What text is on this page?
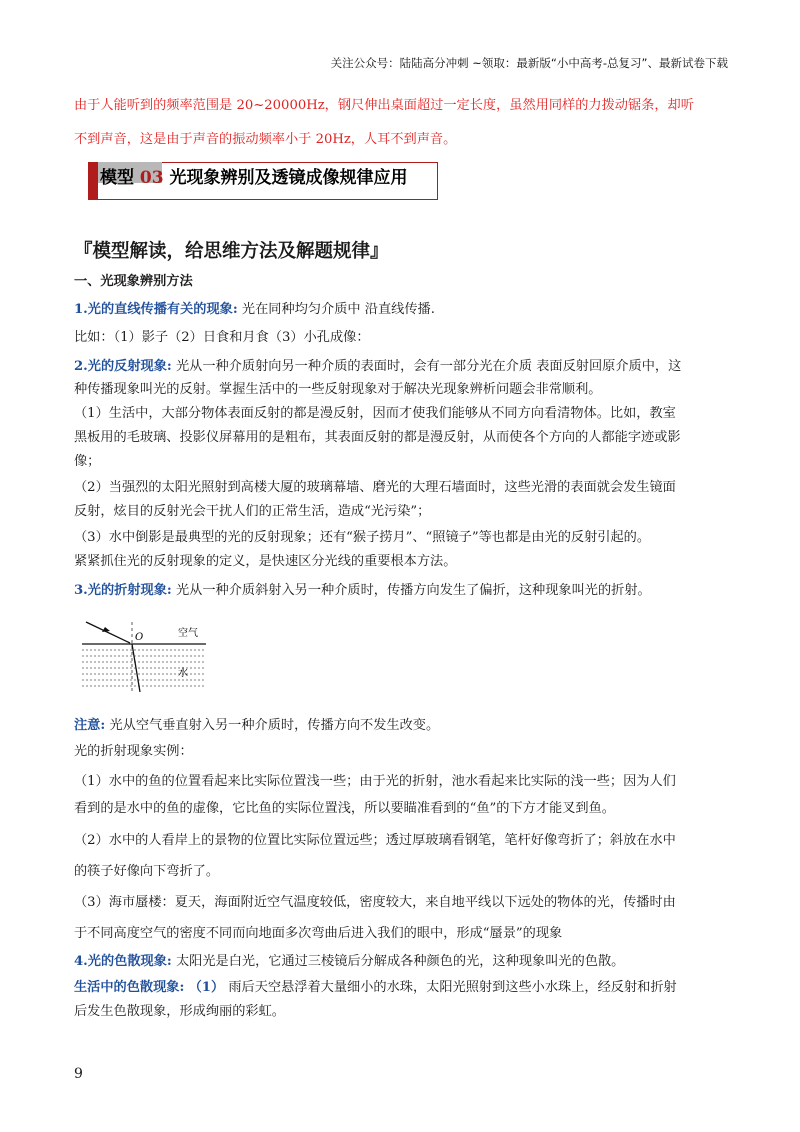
关注公众号：陆陆高分冲刺 ~领取：最新版“小中高考-总复习”、最新试卷下载
由于人能听到的频率范围是 20~20000Hz，钢尺伸出桌面超过一定长度，虽然用同样的力拨动锯条，却听
不到声音，这是由于声音的振动频率小于 20Hz，人耳不到声音。
模型 03 光现象辨别及透镜成像规律应用
『模型解读，给思维方法及解题规律』
一、光现象辨别方法
1.光的直线传播有关的现象: 光在同种均匀介质中 沿直线传播.
比如：（1）影子（2）日食和月食（3）小孔成像：
2.光的反射现象: 光从一种介质射向另一种介质的表面时，会有一部分光在介质 表面反射回原介质中，这
种传播现象叫光的反射。掌握生活中的一些反射现象对于解决光现象辨析问题会非常顺利。
（1）生活中，大部分物体表面反射的都是漫反射，因而才使我们能够从不同方向看清物体。比如，教室
黑板用的毛玻璃、投影仪屏幕用的是粗布，其表面反射的都是漫反射，从而使各个方向的人都能字迹或影
像；
（2）当强烈的太阳光照射到高楼大厦的玻璃幕墙、磨光的大理石墙面时，这些光滑的表面就会发生镜面
反射，炫目的反射光会干扰人们的正常生活，造成“光污染”；
（3）水中倒影是最典型的光的反射现象；还有“猴子捞月”、“照镜子”等也都是由光的反射引起的。
紧紧抓住光的反射现象的定义，是快速区分光线的重要根本方法。
3.光的折射现象: 光从一种介质斜射入另一种介质时，传播方向发生了偏折，这种现象叫光的折射。
O	空气
水
注意: 光从空气垂直射入另一种介质时，传播方向不发生改变。
光的折射现象实例：
（1）水中的鱼的位置看起来比实际位置浅一些；由于光的折射，池水看起来比实际的浅一些；因为人们
看到的是水中的鱼的虚像，它比鱼的实际位置浅，所以要瞄准看到的“鱼”的下方才能叉到鱼。
（2）水中的人看岸上的景物的位置比实际位置远些；透过厚玻璃看钢笔，笔杆好像弯折了；斜放在水中
的筷子好像向下弯折了。
（3）海市蜃楼：夏天，海面附近空气温度较低，密度较大，来自地平线以下远处的物体的光，传播时由
于不同高度空气的密度不同而向地面多次弯曲后进入我们的眼中，形成“蜃景”的现象
4.光的色散现象: 太阳光是白光，它通过三棱镜后分解成各种颜色的光，这种现象叫光的色散。
生活中的色散现象: （1） 雨后天空悬浮着大量细小的水珠，太阳光照射到这些小水珠上，经反射和折射
后发生色散现象，形成绚丽的彩虹。
9
